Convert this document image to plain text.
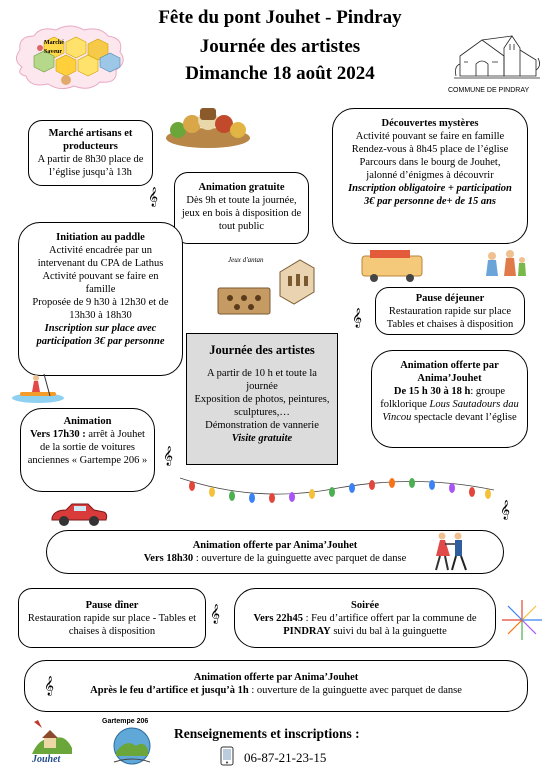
Fête du pont Jouhet - Pindray
Journée des artistes
Dimanche 18 août 2024
Marché
Saveur
COMMUNE DE PINDRAY
Marché artisans et producteurs
A partir de 8h30 place de l’église jusqu’à 13h
𝄞	Animation gratuite
Dès 9h et toute la journée, jeux en bois à disposition de tout public
Découvertes mystères
Activité pouvant se faire en famille
Rendez-vous à 8h45 place de l’église
Parcours dans le bourg de Jouhet, jalonné d’énigmes à découvrir
Inscription obligatoire + participation 3€ par personne de+ de 15 ans
Initiation au paddle
Activité encadrée par un intervenant du CPA de Lathus
Activité pouvant se faire en famille
Proposée de 9 h30 à 12h30 et de 13h30 à 18h30
Inscription sur place avec participation 3€ par personne
Jeux d'antan
Pause déjeuner
Restauration rapide sur place Tables et chaises à disposition
𝄞
Journée des artistes
A partir de 10 h et toute la journée
Exposition de photos, peintures, sculptures,…
Démonstration de vannerie
Visite gratuite
Animation offerte par Anima’Jouhet
De 15 h 30 à 18 h: groupe folklorique Lous Sautadours dau Vincou spectacle devant l’église
Animation
Vers 17h30 : arrêt à Jouhet de la sortie de voitures anciennes « Gartempe 206 » 𝄞
𝄞
Animation offerte par Anima’Jouhet
Vers 18h30 : ouverture de la guinguette avec parquet de danse
Pause dîner
Restauration rapide sur place - Tables et chaises à disposition
𝄞	Soirée
Vers 22h45 : Feu d’artifice offert par la commune de PINDRAY suivi du bal à la guinguette
Animation offerte par Anima’Jouhet
Après le feu d’artifice et jusqu’à 1h : ouverture de la guinguette avec parquet de danse
𝄞
Jouhet
Gartempe 206
Renseignements et inscriptions :
06-87-21-23-15
